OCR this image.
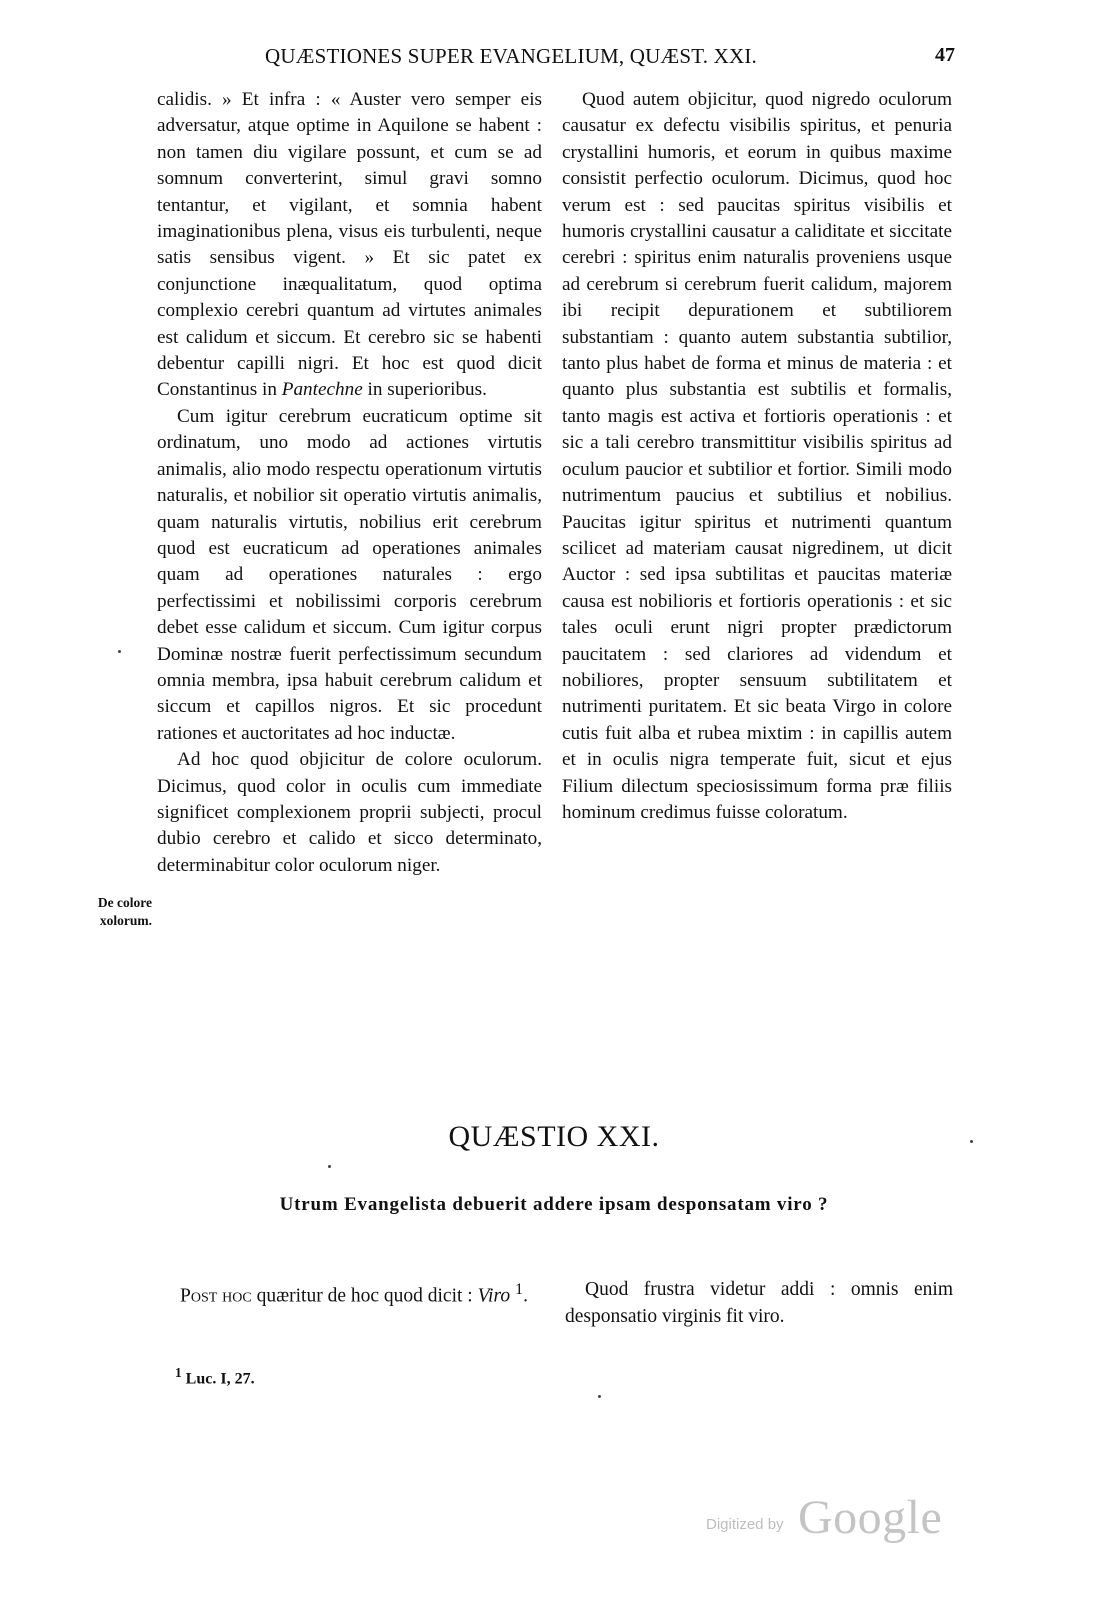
QUÆSTIONES SUPER EVANGELIUM, QUÆST. XXI.	47

calidis. » Et infra : « Auster vero semper eis adversatur, atque optime in Aquilone se habent : non tamen diu vigilare possunt, et cum se ad somnum converterint, simul gravi somno tentantur, et vigilant, et somnia habent imaginationibus plena, visus eis turbulenti, neque satis sensibus vigent. » Et sic patet ex conjunctione inæqualitatum, quod optima complexio cerebri quantum ad virtutes animales est calidum et siccum. Et cerebro sic se habenti debentur capilli nigri. Et hoc est quod dicit Constantinus in Pantechne in superioribus.

Cum igitur cerebrum eucraticum optime sit ordinatum, uno modo ad actiones virtutis animalis, alio modo respectu operationum virtutis naturalis, et nobilior sit operatio virtutis animalis, quam naturalis virtutis, nobilius erit cerebrum quod est eucraticum ad operationes animales quam ad operationes naturales : ergo perfectissimi et nobilissimi corporis cerebrum debet esse calidum et siccum. Cum igitur corpus Dominæ nostræ fuerit perfectissimum secundum omnia membra, ipsa habuit cerebrum calidum et siccum et capillos nigros. Et sic procedunt rationes et auctoritates ad hoc inductæ.

Ad hoc quod objicitur de colore oculorum. Dicimus, quod color in oculis cum immediate significet complexionem proprii subjecti, procul dubio cerebro et calido et sicco determinato, determinabitur color oculorum niger.

De colore
xolorum.

Quod autem objicitur, quod nigredo oculorum causatur ex defectu visibilis spiritus, et penuria crystallini humoris, et eorum in quibus maxime consistit perfectio oculorum. Dicimus, quod hoc verum est : sed paucitas spiritus visibilis et humoris crystallini causatur a caliditate et siccitate cerebri : spiritus enim naturalis proveniens usque ad cerebrum si cerebrum fuerit calidum, majorem ibi recipit depurationem et subtiliorem substantiam : quanto autem substantia subtilior, tanto plus habet de forma et minus de materia : et quanto plus substantia est subtilis et formalis, tanto magis est activa et fortioris operationis : et sic a tali cerebro transmittitur visibilis spiritus ad oculum paucior et subtilior et fortior. Simili modo nutrimentum paucius et subtilius et nobilius. Paucitas igitur spiritus et nutrimenti quantum scilicet ad materiam causat nigredinem, ut dicit Auctor : sed ipsa subtilitas et paucitas materiæ causa est nobilioris et fortioris operationis : et sic tales oculi erunt nigri propter prædictorum paucitatem : sed clariores ad videndum et nobiliores, propter sensuum subtilitatem et nutrimenti puritatem. Et sic beata Virgo in colore cutis fuit alba et rubea mixtim : in capillis autem et in oculis nigra temperate fuit, sicut et ejus Filium dilectum speciosissimum forma præ filiis hominum credimus fuisse coloratum.

QUÆSTIO XXI.
Utrum Evangelista debuerit addere ipsam desponsatam viro ?

Post hoc quæritur de hoc quod dicit : Viro $^1$.	Quod frustra videtur addi : omnis enim desponsatio virginis fit viro.

$^1$ Luc. I, 27.
Digitized by Google
